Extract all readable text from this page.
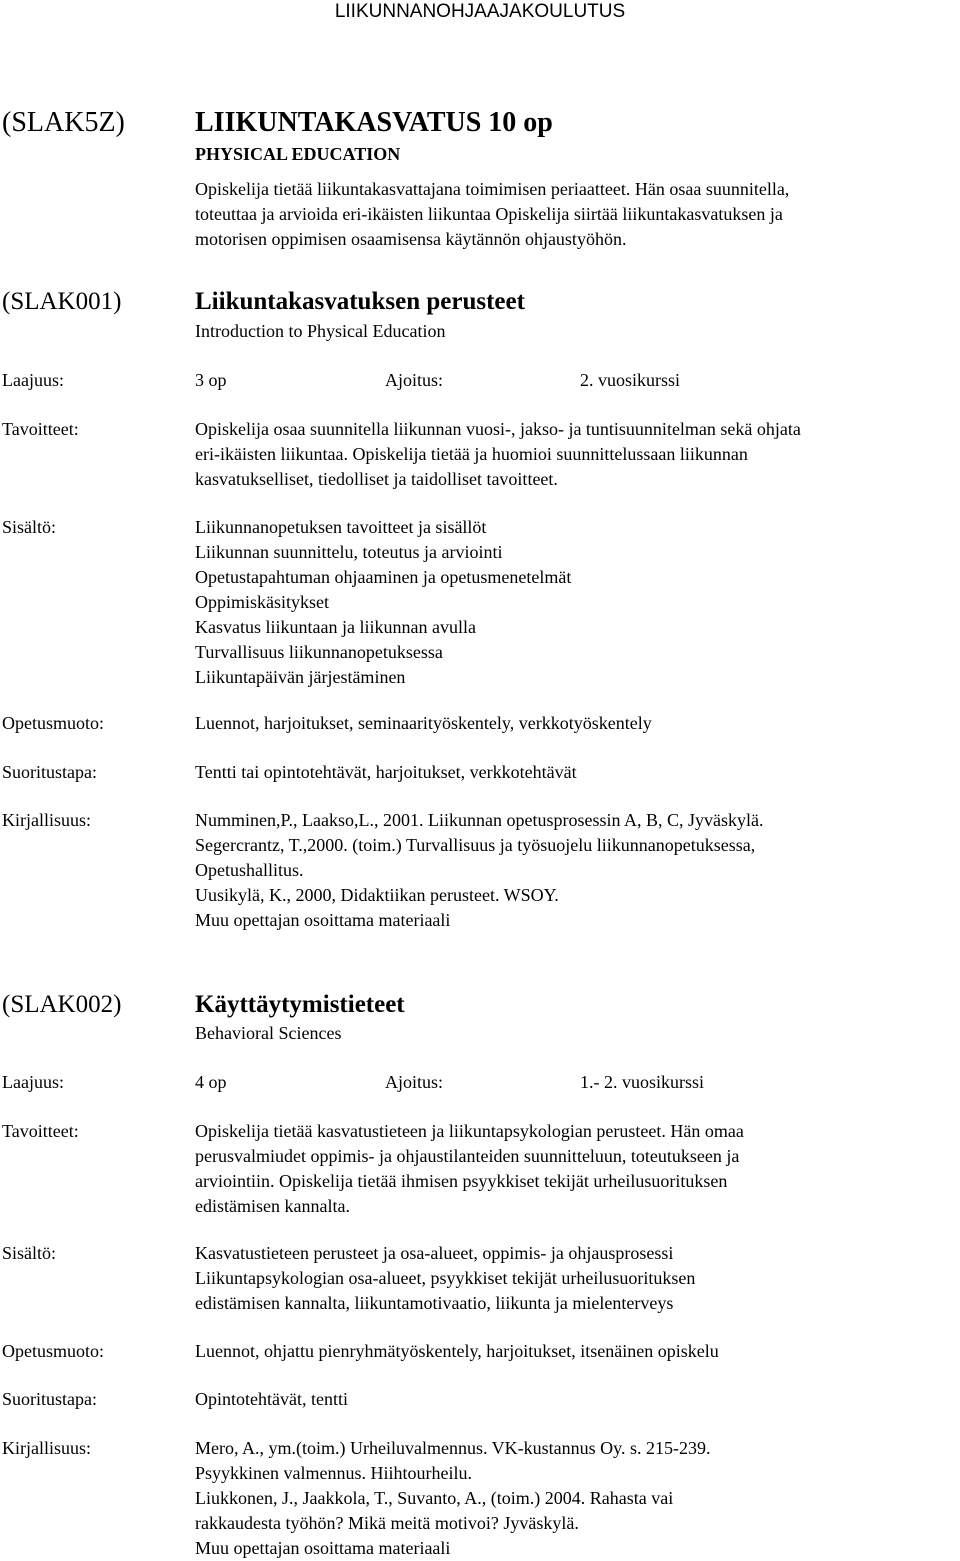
LIIKUNNANOHJAAJAKOULUTUS
(SLAK5Z)	LIIKUNTAKASVATUS 10 op
PHYSICAL EDUCATION
Opiskelija tietää liikuntakasvattajana toimimisen periaatteet. Hän osaa suunnitella,
toteuttaa ja arvioida eri-ikäisten liikuntaa Opiskelija siirtää liikuntakasvatuksen ja
motorisen oppimisen osaamisensa käytännön ohjaustyöhön.
(SLAK001)	Liikuntakasvatuksen perusteet
Introduction to Physical Education
Laajuus:	3 op	Ajoitus:	2. vuosikurssi
Tavoitteet:	Opiskelija osaa suunnitella liikunnan vuosi-, jakso- ja tuntisuunnitelman sekä ohjata
eri-ikäisten liikuntaa. Opiskelija tietää ja huomioi suunnittelussaan liikunnan
kasvatukselliset, tiedolliset ja taidolliset tavoitteet.
Sisältö:	Liikunnanopetuksen tavoitteet ja sisällöt
Liikunnan suunnittelu, toteutus ja arviointi
Opetustapahtuman ohjaaminen ja opetusmenetelmät
Oppimiskäsitykset
Kasvatus liikuntaan ja liikunnan avulla
Turvallisuus liikunnanopetuksessa
Liikuntapäivän järjestäminen
Opetusmuoto:	Luennot, harjoitukset, seminaarityöskentely, verkkotyöskentely
Suoritustapa:	Tentti tai opintotehtävät, harjoitukset, verkkotehtävät
Kirjallisuus:	Numminen,P., Laakso,L., 2001. Liikunnan opetusprosessin A, B, C, Jyväskylä.
Segercrantz, T.,2000. (toim.) Turvallisuus ja työsuojelu liikunnanopetuksessa,
Opetushallitus.
Uusikylä, K., 2000, Didaktiikan perusteet. WSOY.
Muu opettajan osoittama materiaali
(SLAK002)	Käyttäytymistieteet
Behavioral Sciences
Laajuus:	4 op	Ajoitus:	1.- 2. vuosikurssi
Tavoitteet:	Opiskelija tietää kasvatustieteen ja liikuntapsykologian perusteet. Hän omaa
perusvalmiudet oppimis- ja ohjaustilanteiden suunnitteluun, toteutukseen ja
arviointiin. Opiskelija tietää ihmisen psyykkiset tekijät urheilusuorituksen
edistämisen kannalta.
Sisältö:	Kasvatustieteen perusteet ja osa-alueet, oppimis- ja ohjausprosessi
Liikuntapsykologian osa-alueet, psyykkiset tekijät urheilusuorituksen
edistämisen kannalta, liikuntamotivaatio, liikunta ja mielenterveys
Opetusmuoto:	Luennot, ohjattu pienryhmätyöskentely, harjoitukset, itsenäinen opiskelu
Suoritustapa:	Opintotehtävät, tentti
Kirjallisuus:	Mero, A., ym.(toim.) Urheiluvalmennus. VK-kustannus Oy. s. 215-239.
Psyykkinen valmennus. Hiihtourheilu.
Liukkonen, J., Jaakkola, T., Suvanto, A., (toim.) 2004. Rahasta vai
rakkaudesta työhön? Mikä meitä motivoi? Jyväskylä.
Muu opettajan osoittama materiaali
